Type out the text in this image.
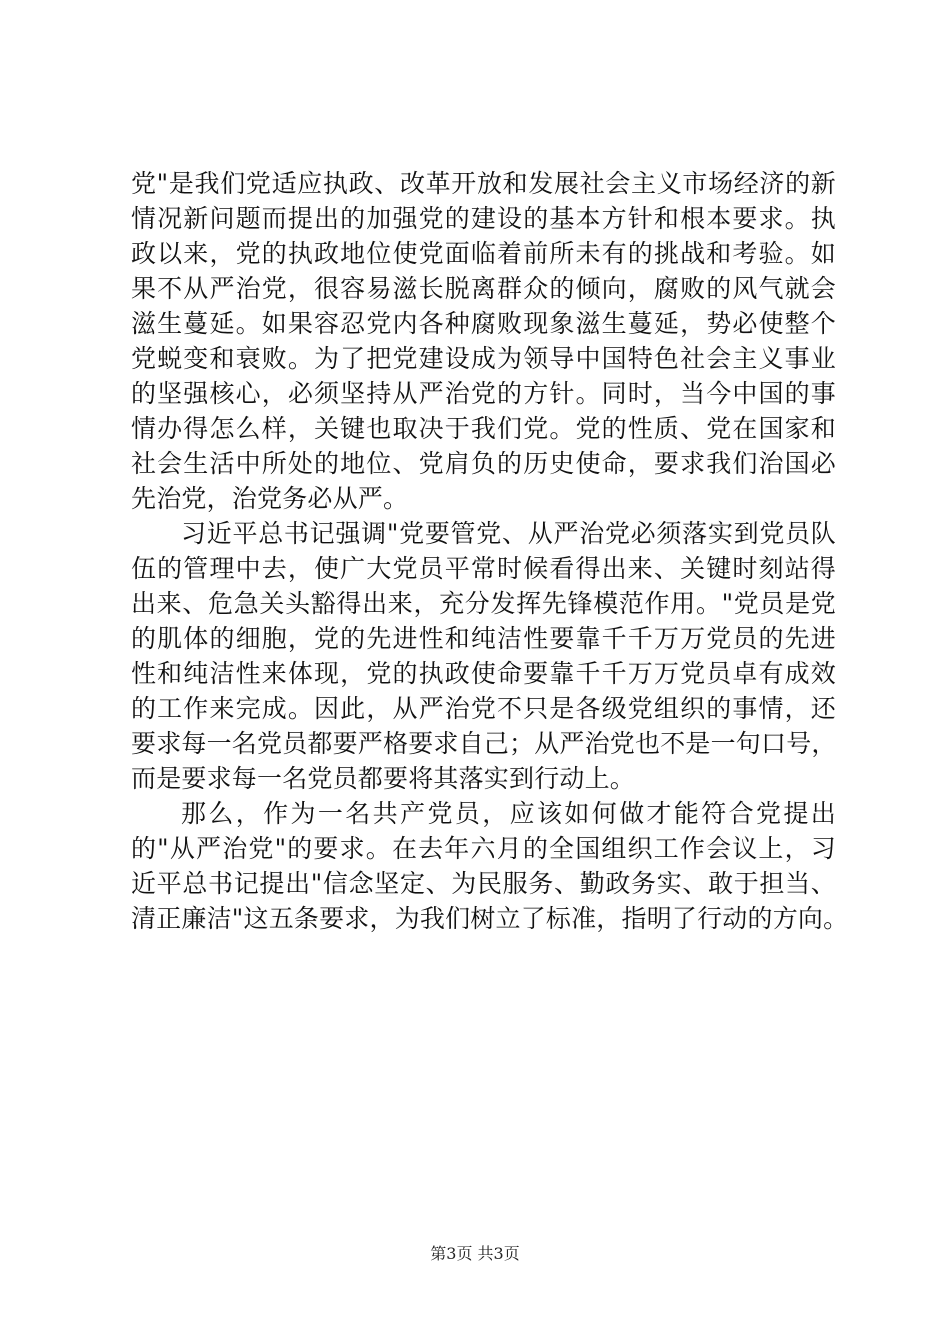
党"是我们党适应执政、改革开放和发展社会主义市场经济的新
情况新问题而提出的加强党的建设的基本方针和根本要求。执
政以来，党的执政地位使党面临着前所未有的挑战和考验。如
果不从严治党，很容易滋长脱离群众的倾向，腐败的风气就会
滋生蔓延。如果容忍党内各种腐败现象滋生蔓延，势必使整个
党蜕变和衰败。为了把党建设成为领导中国特色社会主义事业
的坚强核心，必须坚持从严治党的方针。同时，当今中国的事
情办得怎么样，关键也取决于我们党。党的性质、党在国家和
社会生活中所处的地位、党肩负的历史使命，要求我们治国必
先治党，治党务必从严。
习近平总书记强调"党要管党、从严治党必须落实到党员队
伍的管理中去，使广大党员平常时候看得出来、关键时刻站得
出来、危急关头豁得出来，充分发挥先锋模范作用。"党员是党
的肌体的细胞，党的先进性和纯洁性要靠千千万万党员的先进
性和纯洁性来体现，党的执政使命要靠千千万万党员卓有成效
的工作来完成。因此，从严治党不只是各级党组织的事情，还
要求每一名党员都要严格要求自己；从严治党也不是一句口号，
而是要求每一名党员都要将其落实到行动上。
那么，作为一名共产党员，应该如何做才能符合党提出
的"从严治党"的要求。在去年六月的全国组织工作会议上，习
近平总书记提出"信念坚定、为民服务、勤政务实、敢于担当、
清正廉洁"这五条要求，为我们树立了标准，指明了行动的方向。
第3页 共3页
